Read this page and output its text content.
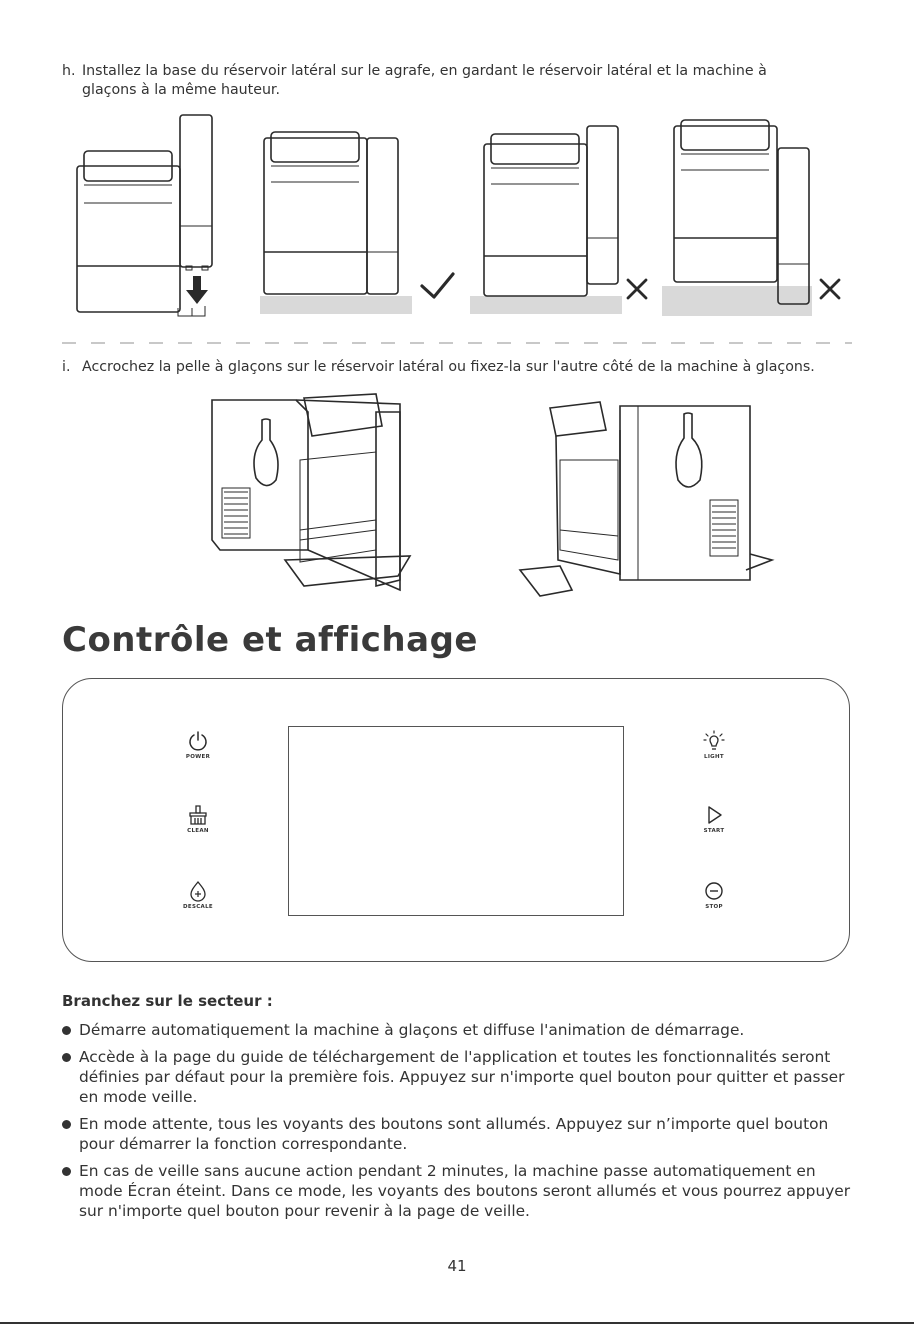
h. Installez la base du réservoir latéral sur le agrafe, en gardant le réservoir latéral et la machine à
glaçons à la même hauteur.
i. Accrochez la pelle à glaçons sur le réservoir latéral ou fixez-la sur l'autre côté de la machine à glaçons.
Contrôle et affichage
POWER
CLEAN
DESCALE
LIGHT
START
STOP
Branchez sur le secteur :
Démarre automatiquement la machine à glaçons et diffuse l'animation de démarrage.
Accède à la page du guide de téléchargement de l'application et toutes les fonctionnalités seront définies par défaut pour la première fois. Appuyez sur n'importe quel bouton pour quitter et passer en mode veille.
En mode attente, tous les voyants des boutons sont allumés. Appuyez sur n’importe quel bouton pour démarrer la fonction correspondante.
En cas de veille sans aucune action pendant 2 minutes, la machine passe automatiquement en mode Écran éteint. Dans ce mode, les voyants des boutons seront allumés et vous pourrez appuyer sur n'importe quel bouton pour revenir à la page de veille.
41
